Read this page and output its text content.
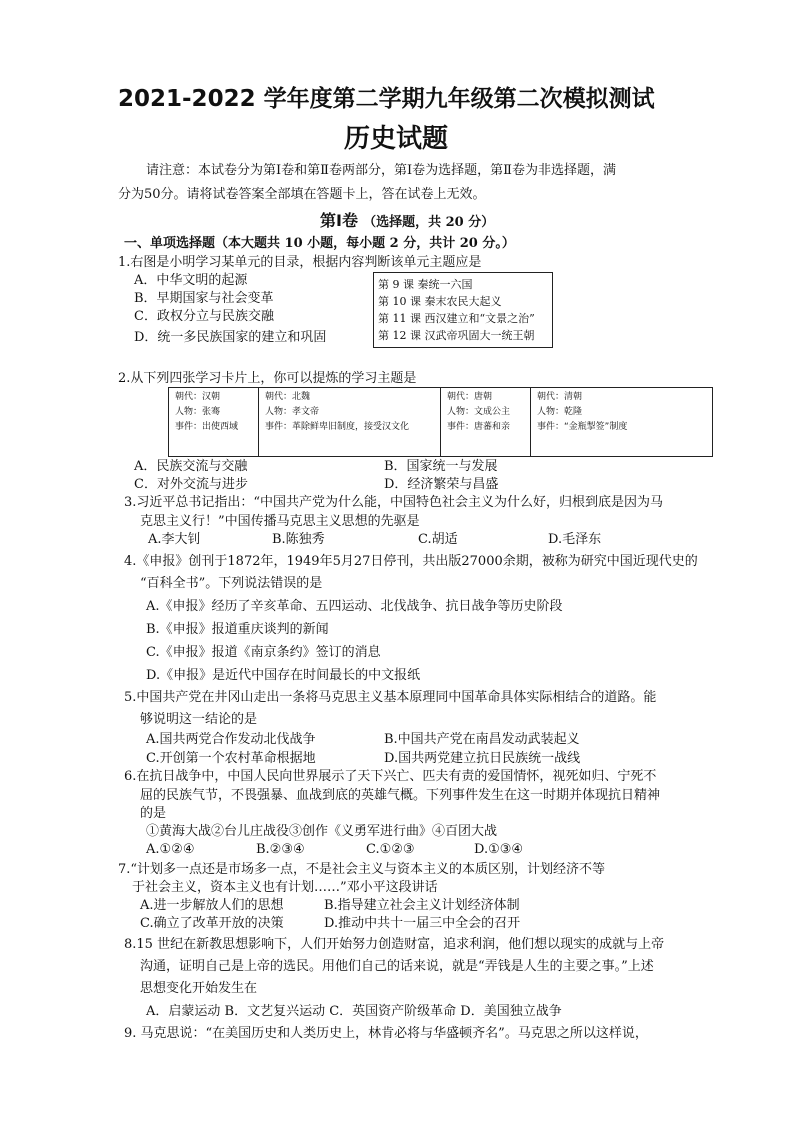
2021-2022 学年度第二学期九年级第二次模拟测试
历史试题
请注意：本试卷分为第Ⅰ卷和第Ⅱ卷两部分，第Ⅰ卷为选择题，第Ⅱ卷为非选择题，满
分为50分。请将试卷答案全部填在答题卡上，答在试卷上无效。
第Ⅰ卷 （选择题，共 20 分）
一、单项选择题（本大题共 10 小题，每小题 2 分，共计 20 分。）
1.右图是小明学习某单元的目录，根据内容判断该单元主题应是
A．中华文明的起源
B．早期国家与社会变革
C．政权分立与民族交融
D．统一多民族国家的建立和巩固
第 9 课 秦统一六国
第 10 课 秦末农民大起义
第 11 课 西汉建立和“文景之治”
第 12 课 汉武帝巩固大一统王朝
2.从下列四张学习卡片上，你可以提炼的学习主题是
朝代：汉朝
人物：张骞
事件：出使西域
朝代：北魏
人物：孝文帝
事件：革除鲜卑旧制度，接受汉文化
朝代：唐朝
人物：文成公主
事件：唐蕃和亲
朝代：清朝
人物：乾隆
事件：“金瓶掣签”制度
A．民族交流与交融	B．国家统一与发展
C．对外交流与进步	D．经济繁荣与昌盛
3.习近平总书记指出：“中国共产党为什么能，中国特色社会主义为什么好，归根到底是因为马
克思主义行！”中国传播马克思主义思想的先驱是
A.李大钊	B.陈独秀	C.胡适	D.毛泽东
4.《申报》创刊于1872年，1949年5月27日停刊，共出版27000余期，被称为研究中国近现代史的
“百科全书”。下列说法错误的是
A.《申报》经历了辛亥革命、五四运动、北伐战争、抗日战争等历史阶段
B.《申报》报道重庆谈判的新闻
C.《申报》报道《南京条约》签订的消息
D.《申报》是近代中国存在时间最长的中文报纸
5.中国共产党在井冈山走出一条将马克思主义基本原理同中国革命具体实际相结合的道路。能
够说明这一结论的是
A.国共两党合作发动北伐战争	B.中国共产党在南昌发动武装起义
C.开创第一个农村革命根据地	D.国共两党建立抗日民族统一战线
6.在抗日战争中，中国人民向世界展示了天下兴亡、匹夫有责的爱国情怀，视死如归、宁死不
屈的民族气节，不畏强暴、血战到底的英雄气概。下列事件发生在这一时期并体现抗日精神
的是
①黄海大战②台儿庄战役③创作《义勇军进行曲》④百团大战
A.①②④	B.②③④	C.①②③	D.①③④
7.“计划多一点还是市场多一点，不是社会主义与资本主义的本质区别，计划经济不等
于社会主义，资本主义也有计划……”邓小平这段讲话
A.进一步解放人们的思想	B.指导建立社会主义计划经济体制
C.确立了改革开放的决策	D.推动中共十一届三中全会的召开
8.15 世纪在新教思想影响下，人们开始努力创造财富，追求利润，他们想以现实的成就与上帝
沟通，证明自己是上帝的选民。用他们自己的话来说，就是“弄钱是人生的主要之事。”上述
思想变化开始发生在
A．启蒙运动 B．文艺复兴运动 C．英国资产阶级革命 D．美国独立战争
9. 马克思说：“在美国历史和人类历史上，林肯必将与华盛顿齐名”。马克思之所以这样说，
